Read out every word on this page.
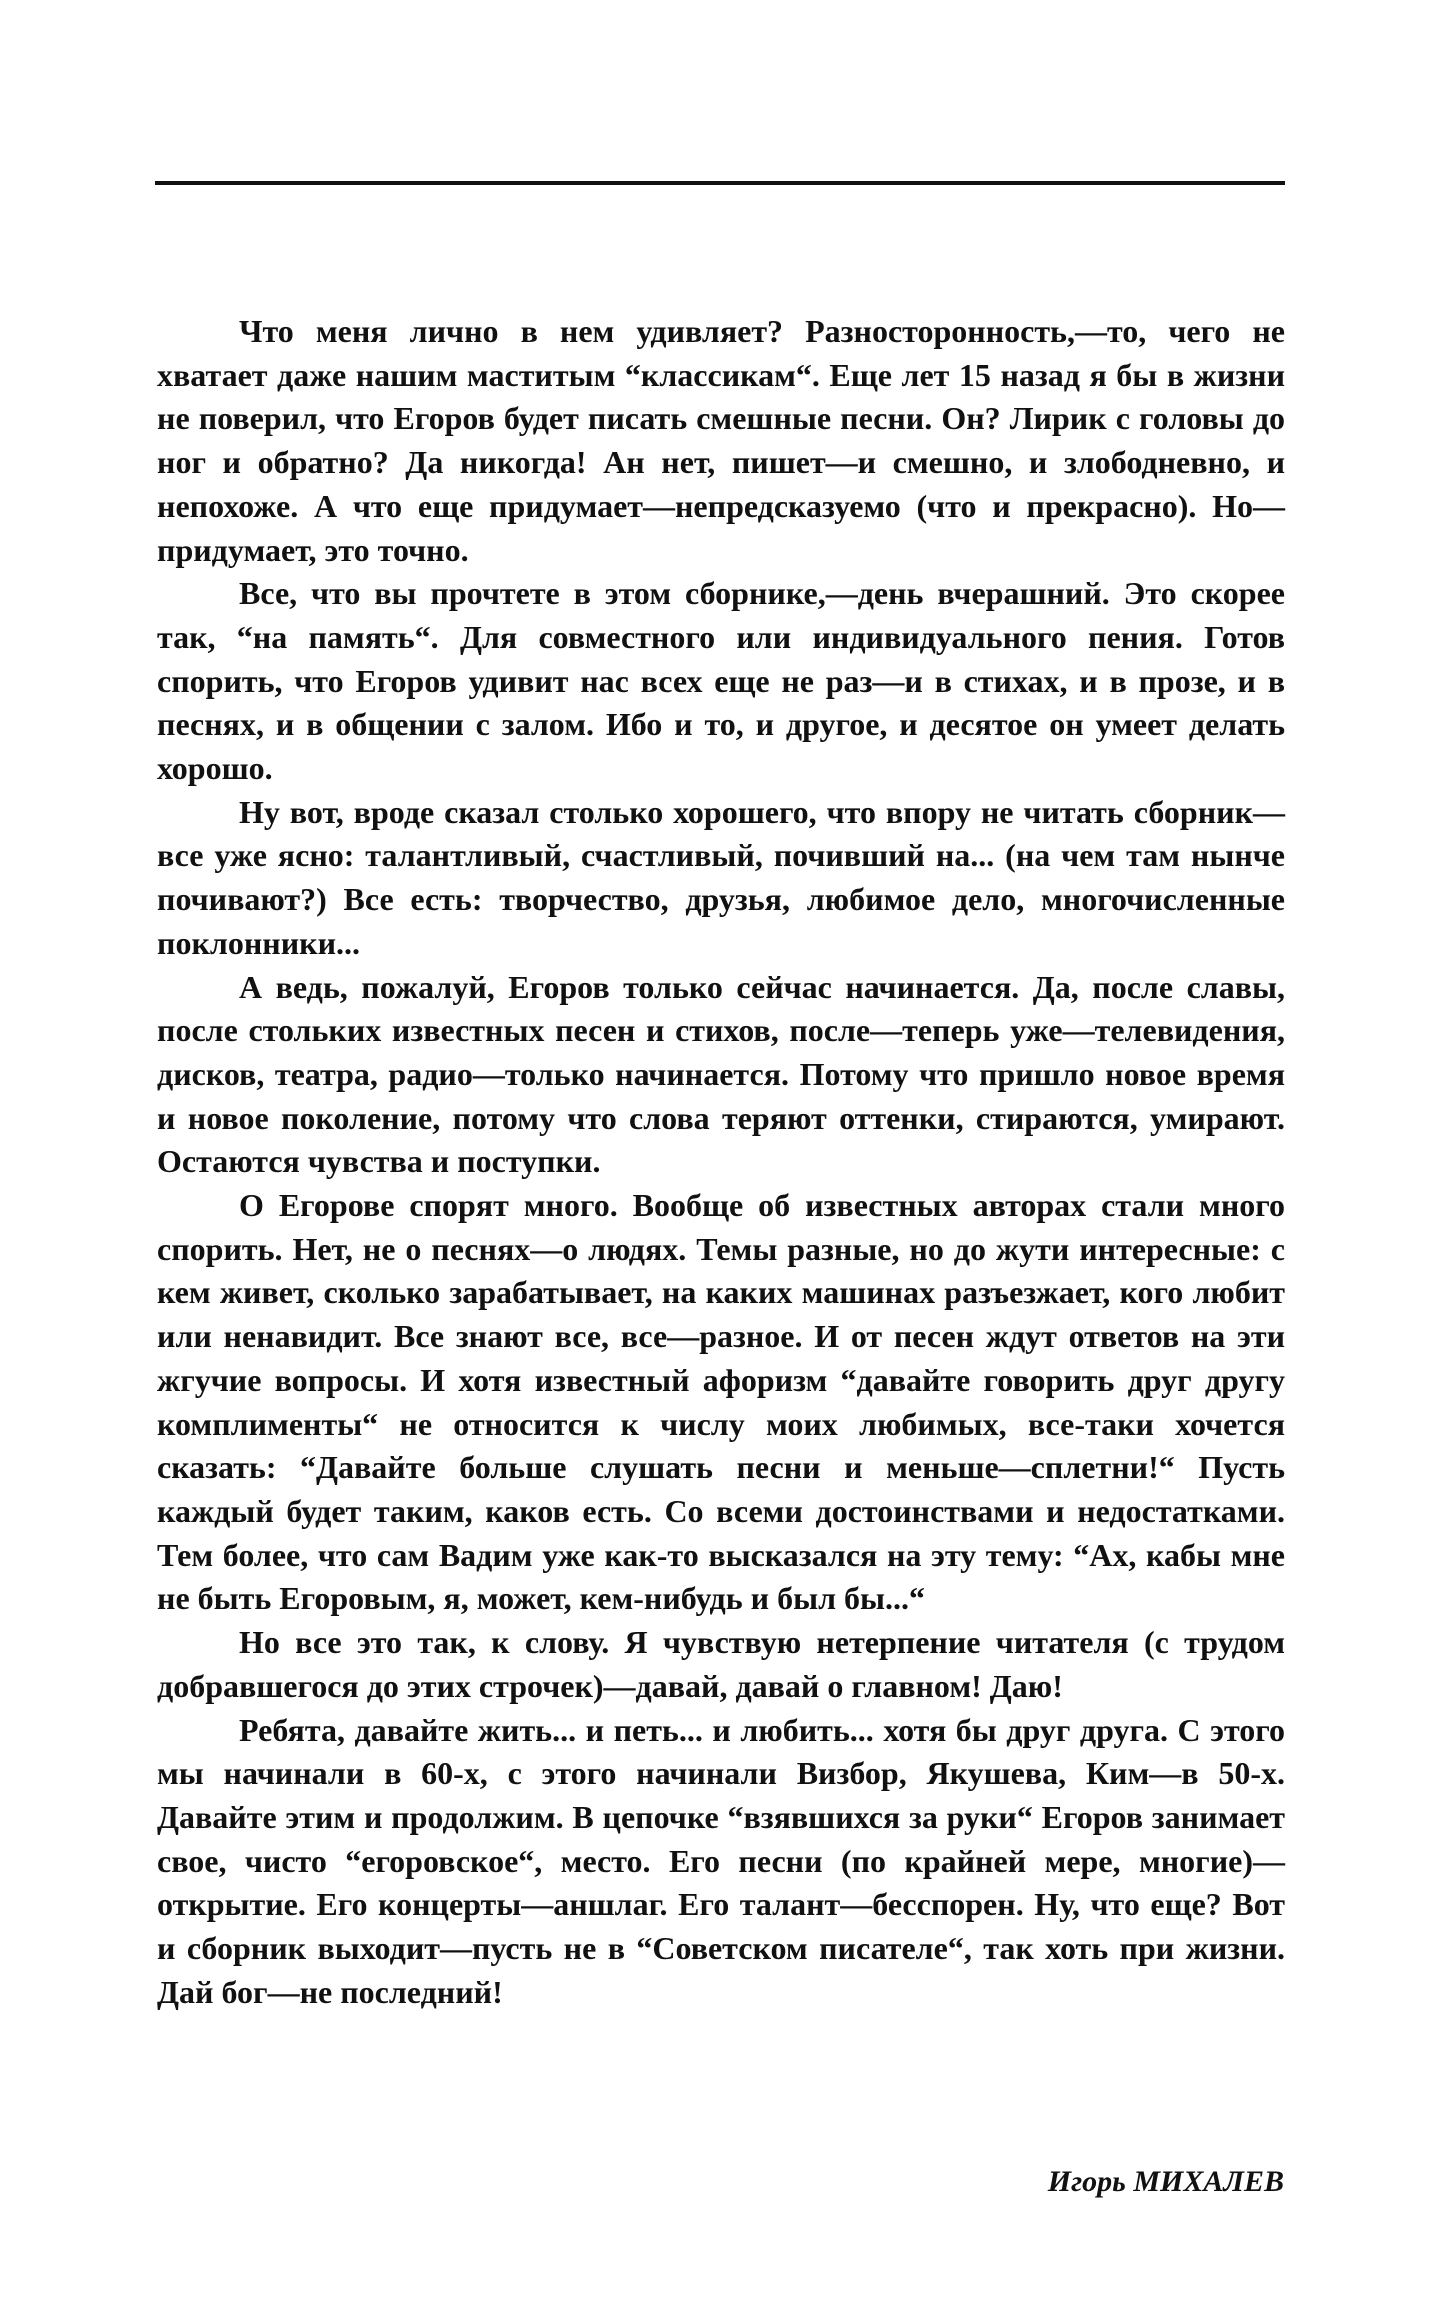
Что меня лично в нем удивляет? Разносторонность,—то, чего не хватает даже нашим маститым “классикам“. Еще лет 15 назад я бы в жизни не поверил, что Егоров будет писать смешные песни. Он? Лирик с головы до ног и обратно? Да никогда! Ан нет, пишет—и смешно, и злободневно, и непохоже. А что еще придумает—непредсказуемо (что и прекрасно). Но—придумает, это точно.

Все, что вы прочтете в этом сборнике,—день вчерашний. Это скорее так, “на память“. Для совместного или индивидуального пения. Готов спорить, что Егоров удивит нас всех еще не раз—и в стихах, и в прозе, и в песнях, и в общении с залом. Ибо и то, и другое, и десятое он умеет делать хорошо.

Ну вот, вроде сказал столько хорошего, что впору не читать сборник—все уже ясно: талантливый, счастливый, почивший на... (на чем там нынче почивают?) Все есть: творчество, друзья, любимое дело, многочисленные поклонники...

А ведь, пожалуй, Егоров только сейчас начинается. Да, после славы, после стольких известных песен и стихов, после—теперь уже—телевидения, дисков, театра, радио—только начинается. Потому что пришло новое время и новое поколение, потому что слова теряют оттенки, стираются, умирают. Остаются чувства и поступки.

О Егорове спорят много. Вообще об известных авторах стали много спорить. Нет, не о песнях—о людях. Темы разные, но до жути интересные: с кем живет, сколько зарабатывает, на каких машинах разъезжает, кого любит или ненавидит. Все знают все, все—разное. И от песен ждут ответов на эти жгучие вопросы. И хотя известный афоризм “давайте говорить друг другу комплименты“ не относится к числу моих любимых, все-таки хочется сказать: “Давайте больше слушать песни и меньше—сплетни!“ Пусть каждый будет таким, каков есть. Со всеми достоинствами и недостатками. Тем более, что сам Вадим уже как-то высказался на эту тему: “Ах, кабы мне не быть Егоровым, я, может, кем-нибудь и был бы...“

Но все это так, к слову. Я чувствую нетерпение читателя (с трудом добравшегося до этих строчек)—давай, давай о главном! Даю!

Ребята, давайте жить... и петь... и любить... хотя бы друг друга. С этого мы начинали в 60-х, с этого начинали Визбор, Якушева, Ким—в 50-х. Давайте этим и продолжим. В цепочке “взявшихся за руки“ Егоров занимает свое, чисто “егоровское“, место. Его песни (по крайней мере, многие)—открытие. Его концерты—аншлаг. Его талант—бесспорен. Ну, что еще? Вот и сборник выходит—пусть не в “Советском писателе“, так хоть при жизни. Дай бог—не последний!

Игорь МИХАЛЕВ
